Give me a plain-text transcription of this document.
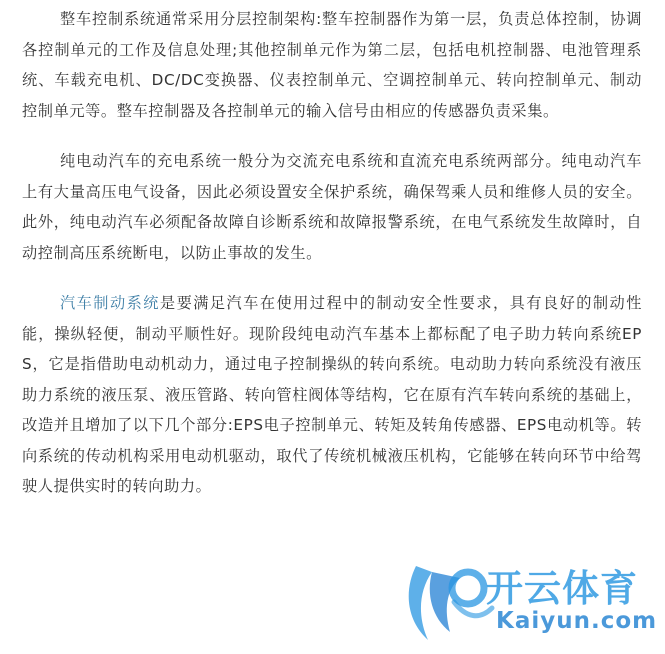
整车控制系统通常采用分层控制架构:整车控制器作为第一层，负责总体控制，协调各控制单元的工作及信息处理;其他控制单元作为第二层，包括电机控制器、电池管理系统、车载充电机、DC/DC变换器、仪表控制单元、空调控制单元、转向控制单元、制动控制单元等。整车控制器及各控制单元的输入信号由相应的传感器负责采集。

纯电动汽车的充电系统一般分为交流充电系统和直流充电系统两部分。纯电动汽车上有大量高压电气设备，因此必须设置安全保护系统，确保驾乘人员和维修人员的安全。此外，纯电动汽车必须配备故障自诊断系统和故障报警系统，在电气系统发生故障时，自动控制高压系统断电，以防止事故的发生。

汽车制动系统是要满足汽车在使用过程中的制动安全性要求，具有良好的制动性能，操纵轻便，制动平顺性好。现阶段纯电动汽车基本上都标配了电子助力转向系统EPS，它是指借助电动机动力，通过电子控制操纵的转向系统。电动助力转向系统没有液压助力系统的液压泵、液压管路、转向管柱阀体等结构，它在原有汽车转向系统的基础上，改造并且增加了以下几个部分:EPS电子控制单元、转矩及转角传感器、EPS电动机等。转向系统的传动机构采用电动机驱动，取代了传统机械液压机构，它能够在转向环节中给驾驶人提供实时的转向助力。

开云体育
Kaiyun.com
